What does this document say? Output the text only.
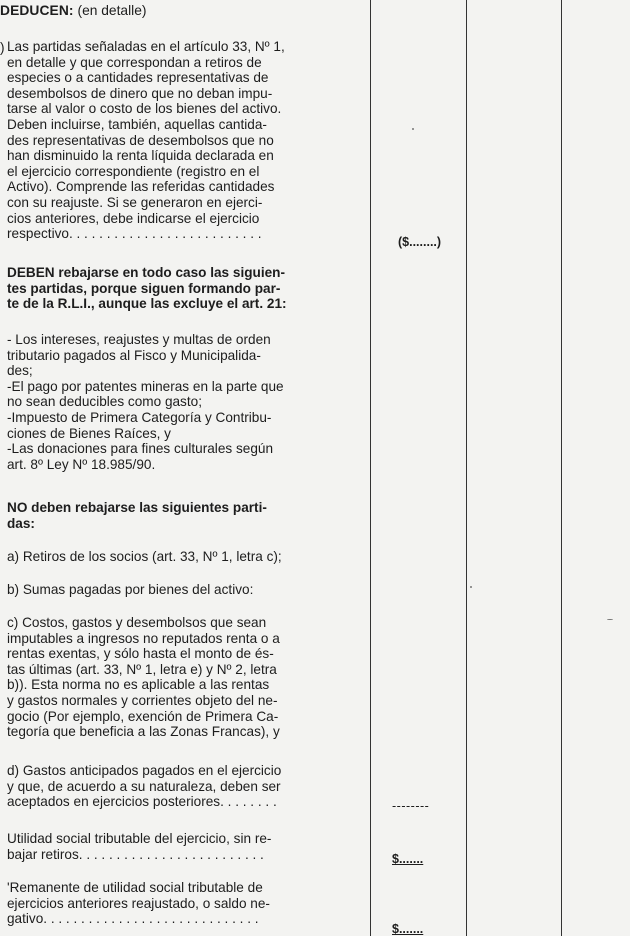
DEDUCEN: (en detalle)
) Las partidas señaladas en el artículo 33, Nº 1,
en detalle y que correspondan a retiros de
especies o a cantidades representativas de
desembolsos de dinero que no deban impu-
tarse al valor o costo de los bienes del activo.
Deben incluirse, también, aquellas cantida-
des representativas de desembolsos que no
han disminuido la renta líquida declarada en
el ejercicio correspondiente (registro en el
Activo). Comprende las referidas cantidades
con su reajuste. Si se generaron en ejerci-
cios anteriores, debe indicarse el ejercicio
respectivo. . . . . . . . . . . . . . . . . . . . . . . . . .
DEBEN rebajarse en todo caso las siguien-
tes partidas, porque siguen formando par-
te de la R.L.I., aunque las excluye el art. 21:
- Los intereses, reajustes y multas de orden
tributario pagados al Fisco y Municipalida-
des;
-El pago por patentes mineras en la parte que
no sean deducibles como gasto;
-Impuesto de Primera Categoría y Contribu-
ciones de Bienes Raíces, y
-Las donaciones para fines culturales según
art. 8º Ley Nº 18.985/90.
NO deben rebajarse las siguientes parti-
das:
a) Retiros de los socios (art. 33, Nº 1, letra c);
b) Sumas pagadas por bienes del activo:
c) Costos, gastos y desembolsos que sean
imputables a ingresos no reputados renta o a
rentas exentas, y sólo hasta el monto de és-
tas últimas (art. 33, Nº 1, letra e) y Nº 2, letra
b)). Esta norma no es aplicable a las rentas
y gastos normales y corrientes objeto del ne-
gocio (Por ejemplo, exención de Primera Ca-
tegoría que beneficia a las Zonas Francas), y
d) Gastos anticipados pagados en el ejercicio
y que, de acuerdo a su naturaleza, deben ser
aceptados en ejercicios posteriores. . . . . . . .
Utilidad social tributable del ejercicio, sin re-
bajar retiros. . . . . . . . . . . . . . . . . . . . . . . . .
'Remanente de utilidad social tributable de
ejercicios anteriores reajustado, o saldo ne-
gativo. . . . . . . . . . . . . . . . . . . . . . . . . . . . .
($........)
--------
$.......
$.......
